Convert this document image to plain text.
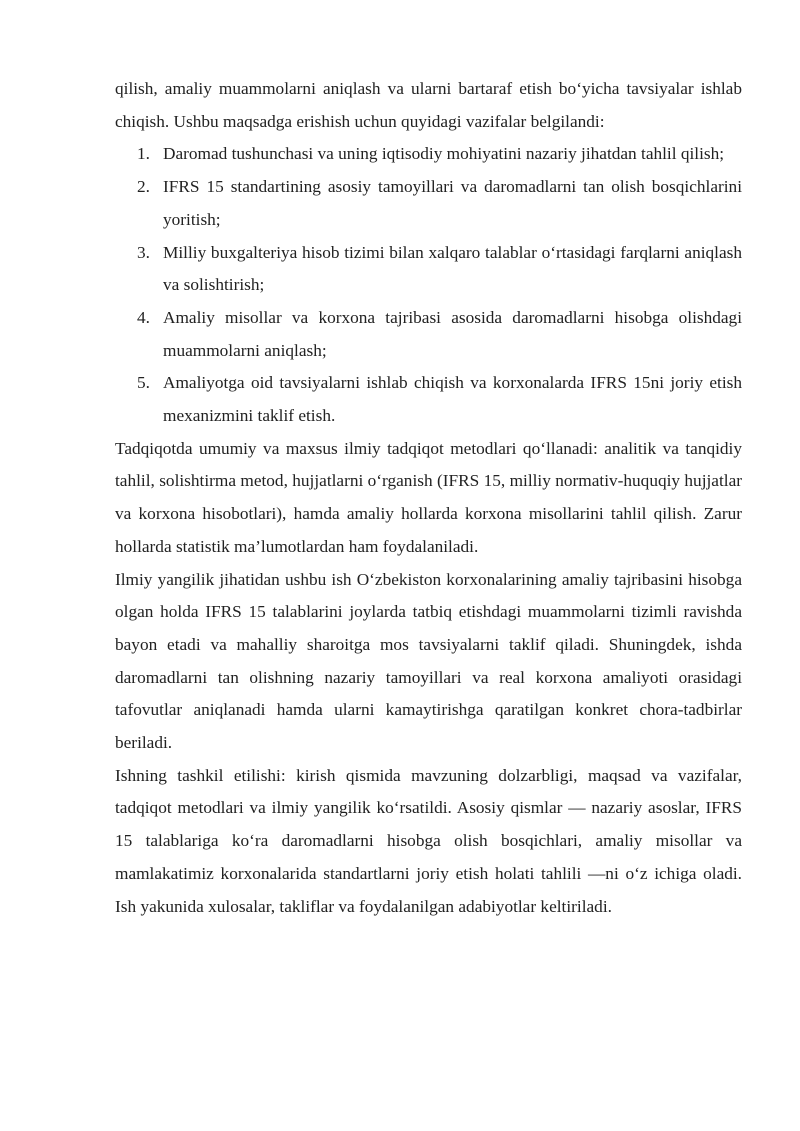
qilish, amaliy muammolarni aniqlash va ularni bartaraf etish bo‘yicha tavsiyalar ishlab chiqish. Ushbu maqsadga erishish uchun quyidagi vazifalar belgilandi:

1. Daromad tushunchasi va uning iqtisodiy mohiyatini nazariy jihatdan tahlil qilish;
2. IFRS 15 standartining asosiy tamoyillari va daromadlarni tan olish bosqichlarini yoritish;
3. Milliy buxgalteriya hisob tizimi bilan xalqaro talablar o‘rtasidagi farqlarni aniqlash va solishtirish;
4. Amaliy misollar va korxona tajribasi asosida daromadlarni hisobga olishdagi muammolarni aniqlash;
5. Amaliyotga oid tavsiyalarni ishlab chiqish va korxonalarda IFRS 15ni joriy etish mexanizmini taklif etish.

Tadqiqotda umumiy va maxsus ilmiy tadqiqot metodlari qo‘llanadi: analitik va tanqidiy tahlil, solishtirma metod, hujjatlarni o‘rganish (IFRS 15, milliy normativ-huquqiy hujjatlar va korxona hisobotlari), hamda amaliy hollarda korxona misollarini tahlil qilish. Zarur hollarda statistik ma’lumotlardan ham foydalaniladi.

Ilmiy yangilik jihatidan ushbu ish O‘zbekiston korxonalarining amaliy tajribasini hisobga olgan holda IFRS 15 talablarini joylarda tatbiq etishdagi muammolarni tizimli ravishda bayon etadi va mahalliy sharoitga mos tavsiyalarni taklif qiladi. Shuningdek, ishda daromadlarni tan olishning nazariy tamoyillari va real korxona amaliyoti orasidagi tafovutlar aniqlanadi hamda ularni kamaytirishga qaratilgan konkret chora-tadbirlar beriladi.

Ishning tashkil etilishi: kirish qismida mavzuning dolzarbligi, maqsad va vazifalar, tadqiqot metodlari va ilmiy yangilik ko‘rsatildi. Asosiy qismlar — nazariy asoslar, IFRS 15 talablariga ko‘ra daromadlarni hisobga olish bosqichlari, amaliy misollar va mamlakatimiz korxonalarida standartlarni joriy etish holati tahlili —ni o‘z ichiga oladi. Ish yakunida xulosalar, takliflar va foydalanilgan adabiyotlar keltiriladi.
